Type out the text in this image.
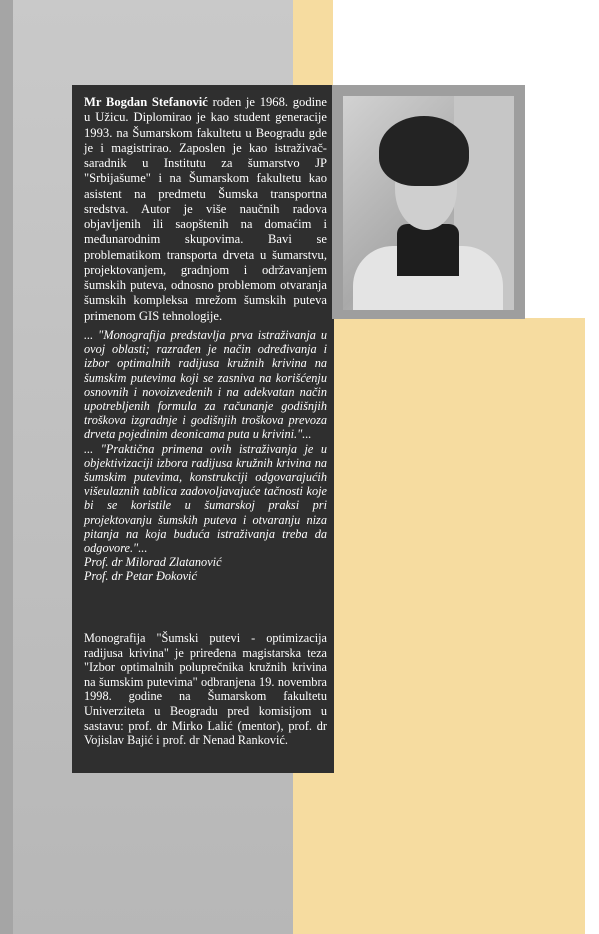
Mr Bogdan Stefanović rođen je 1968. godine u Užicu. Diplomirao je kao student generacije 1993. na Šumarskom fakultetu u Beogradu gde je i magistrirao. Zaposlen je kao istraživač-saradnik u Institutu za šumarstvo JP "Srbijašume" i na Šumarskom fakultetu kao asistent na predmetu Šumska transportna sredstva. Autor je više naučnih radova objavljenih ili saopštenih na domaćim i međunarodnim skupovima. Bavi se problematikom transporta drveta u šumarstvu, projektovanjem, gradnjom i održavanjem šumskih puteva, odnosno problemom otvaranja šumskih kompleksa mrežom šumskih puteva primenom GIS tehnologije.

... "Monografija predstavlja prva istraživanja u ovoj oblasti; razrađen je način određivanja i izbor optimalnih radijusa kružnih krivina na šumskim putevima koji se zasniva na korišćenju osnovnih i novoizvedenih i na adekvatan način upotrebljenih formula za računanje godišnjih troškova izgradnje i godišnjih troškova prevoza drveta pojedinim deonicama puta u krivini."...

... "Praktična primena ovih istraživanja je u objektivizaciji izbora radijusa kružnih krivina na šumskim putevima, konstrukciji odgovarajućih višeulaznih tablica zadovoljavajuće tačnosti koje bi se koristile u šumarskoj praksi pri projektovanju šumskih puteva i otvaranju niza pitanja na koja buduća istraživanja treba da odgovore."...

Prof. dr Milorad Zlatanović

Prof. dr Petar Đoković

Monografija "Šumski putevi - optimizacija radijusa krivina" je priređena magistarska teza "Izbor optimalnih poluprečnika kružnih krivina na šumskim putevima" odbranjena 19. novembra 1998. godine na Šumarskom fakultetu Univerziteta u Beogradu pred komisijom u sastavu: prof. dr Mirko Lalić (mentor), prof. dr Vojislav Bajić i prof. dr Nenad Ranković.
